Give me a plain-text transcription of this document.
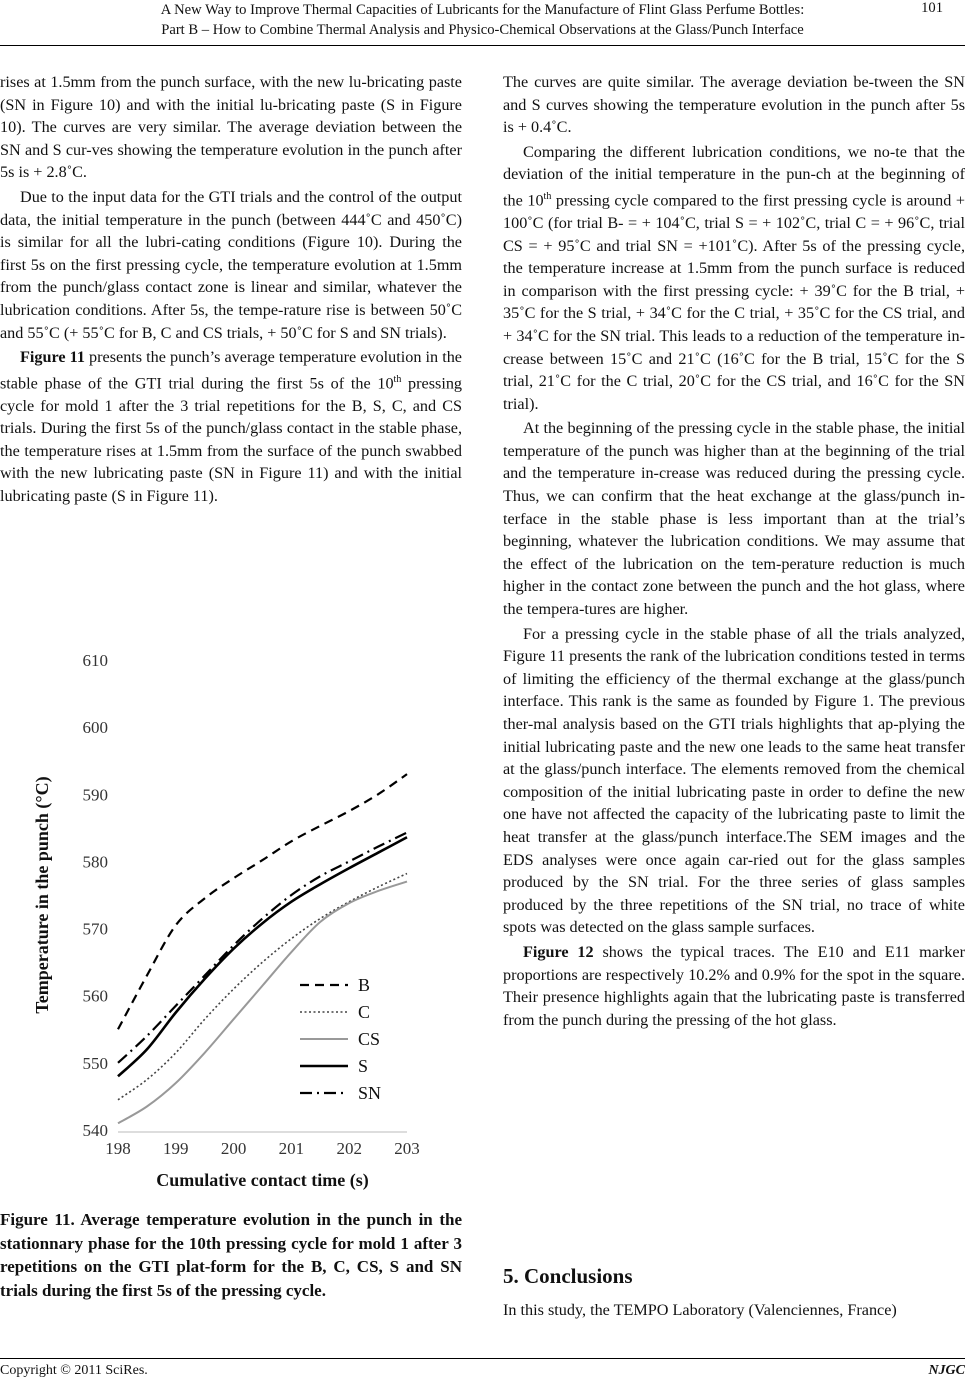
A New Way to Improve Thermal Capacities of Lubricants for the Manufacture of Flint Glass Perfume Bottles:
Part B – How to Combine Thermal Analysis and Physico-Chemical Observations at the Glass/Punch Interface
101

rises at 1.5mm from the punch surface, with the new lu-bricating paste (SN in Figure 10) and with the initial lu-bricating paste (S in Figure 10). The curves are very similar. The average deviation between the SN and S cur-ves showing the temperature evolution in the punch after 5s is + 2.8˚C.

Due to the input data for the GTI trials and the control of the output data, the initial temperature in the punch (between 444˚C and 450˚C) is similar for all the lubri-cating conditions (Figure 10). During the first 5s on the first pressing cycle, the temperature evolution at 1.5mm from the punch/glass contact zone is linear and similar, whatever the lubrication conditions. After 5s, the tempe-rature rise is between 50˚C and 55˚C (+ 55˚C for B, C and CS trials, + 50˚C for S and SN trials).

Figure 11 presents the punch’s average temperature evolution in the stable phase of the GTI trial during the first 5s of the 10th pressing cycle for mold 1 after the 3 trial repetitions for the B, S, C, and CS trials. During the first 5s of the punch/glass contact in the stable phase, the temperature rises at 1.5mm from the surface of the punch swabbed with the new lubricating paste (SN in Figure 11) and with the initial lubricating paste (S in Figure 11).

540
550
560
570
580
590
600
610
198 199 200 201 202 203
Cumulative contact time (s)
Temperature in the punch (°C)	B
C
CS
S
SN
Figure 11. Average temperature evolution in the punch in the stationnary phase for the 10th pressing cycle for mold 1 after 3 repetitions on the GTI plat-form for the B, C, CS, S and SN trials during the first 5s of the pressing cycle.

The curves are quite similar. The average deviation be-tween the SN and S curves showing the temperature evolution in the punch after 5s is + 0.4˚C.

Comparing the different lubrication conditions, we no-te that the deviation of the initial temperature in the pun-ch at the beginning of the 10th pressing cycle compared to the first pressing cycle is around + 100˚C (for trial B- = + 104˚C, trial S = + 102˚C, trial C = + 96˚C, trial CS = + 95˚C and trial SN = +101˚C). After 5s of the pressing cycle, the temperature increase at 1.5mm from the punch surface is reduced in comparison with the first pressing cycle: + 39˚C for the B trial, + 35˚C for the S trial, + 34˚C for the C trial, + 35˚C for the CS trial, and + 34˚C for the SN trial. This leads to a reduction of the temperature in-crease between 15˚C and 21˚C (16˚C for the B trial, 15˚C for the S trial, 21˚C for the C trial, 20˚C for the CS trial, and 16˚C for the SN trial).

At the beginning of the pressing cycle in the stable phase, the initial temperature of the punch was higher than at the beginning of the trial and the temperature in-crease was reduced during the pressing cycle. Thus, we can confirm that the heat exchange at the glass/punch in-terface in the stable phase is less important than at the trial’s beginning, whatever the lubrication conditions. We may assume that the effect of the lubrication on the tem-perature reduction is much higher in the contact zone between the punch and the hot glass, where the tempera-tures are higher.

For a pressing cycle in the stable phase of all the trials analyzed, Figure 11 presents the rank of the lubrication conditions tested in terms of limiting the efficiency of the thermal exchange at the glass/punch interface. This rank is the same as founded by Figure 1. The previous ther-mal analysis based on the GTI trials highlights that ap-plying the initial lubricating paste and the new one leads to the same heat transfer at the glass/punch interface. The elements removed from the chemical composition of the initial lubricating paste in order to define the new one have not affected the capacity of the lubricating paste to limit the heat transfer at the glass/punch interface.The SEM images and the EDS analyses were once again car-ried out for the glass samples produced by the SN trial. For the three series of glass samples produced by the three repetitions of the SN trial, no trace of white spots was detected on the glass sample surfaces.

Figure 12 shows the typical traces. The E10 and E11 marker proportions are respectively 10.2% and 0.9% for the spot in the square. Their presence highlights again that the lubricating paste is transferred from the punch during the pressing of the hot glass.

5. Conclusions
In this study, the TEMPO Laboratory (Valenciennes, France)
Copyright © 2011 SciRes.	NJGC
